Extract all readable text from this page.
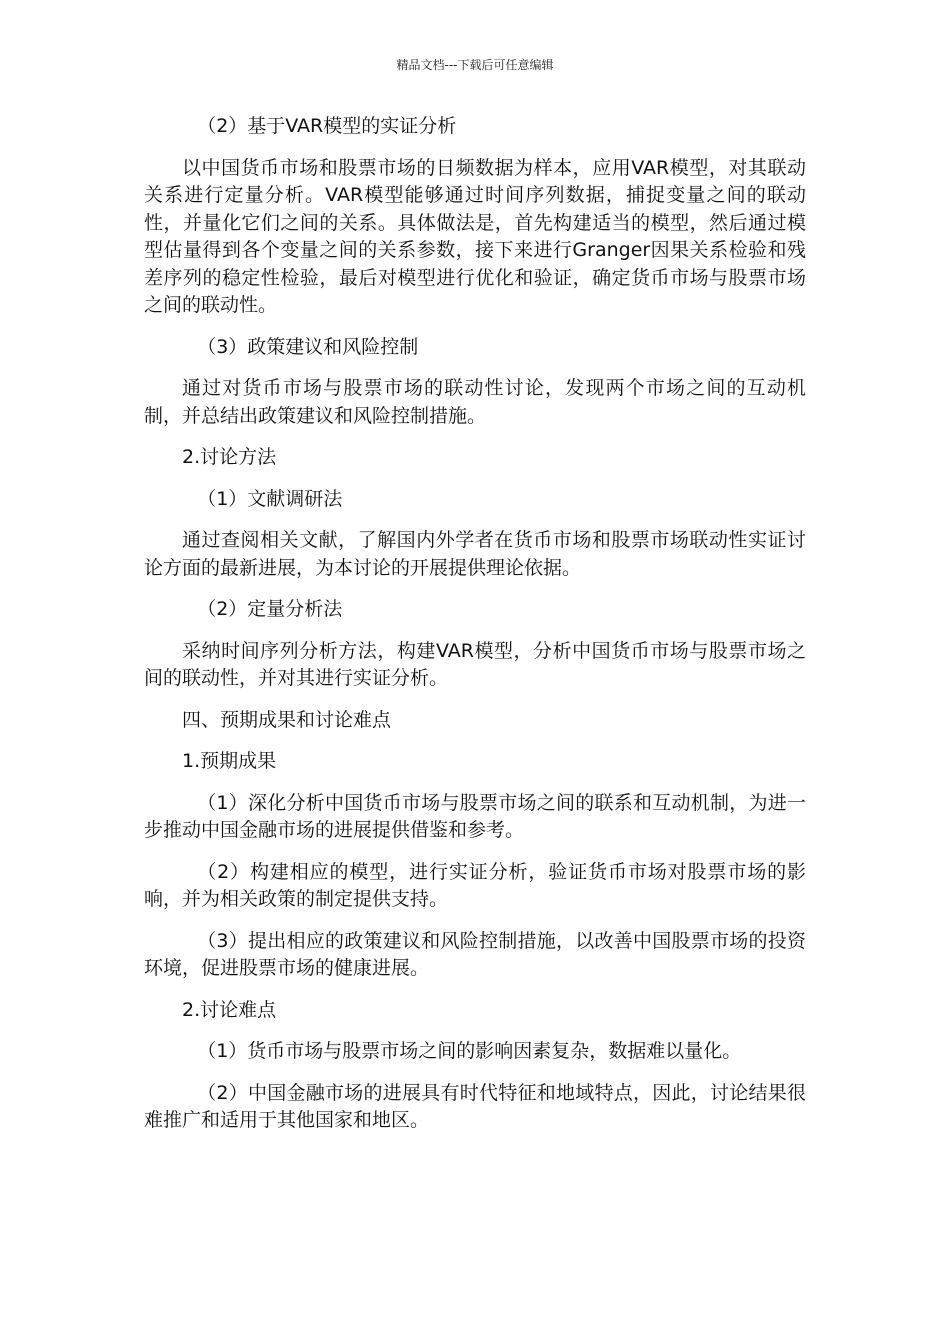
精品文档---下载后可任意编辑

（2）基于VAR模型的实证分析

以中国货币市场和股票市场的日频数据为样本，应用VAR模型，对其联动关系进行定量分析。VAR模型能够通过时间序列数据，捕捉变量之间的联动性，并量化它们之间的关系。具体做法是，首先构建适当的模型，然后通过模型估量得到各个变量之间的关系参数，接下来进行Granger因果关系检验和残差序列的稳定性检验，最后对模型进行优化和验证，确定货币市场与股票市场之间的联动性。

（3）政策建议和风险控制

通过对货币市场与股票市场的联动性讨论，发现两个市场之间的互动机制，并总结出政策建议和风险控制措施。

2.讨论方法

（1）文献调研法

通过查阅相关文献，了解国内外学者在货币市场和股票市场联动性实证讨论方面的最新进展，为本讨论的开展提供理论依据。

（2）定量分析法

采纳时间序列分析方法，构建VAR模型，分析中国货币市场与股票市场之间的联动性，并对其进行实证分析。

四、预期成果和讨论难点

1.预期成果

（1）深化分析中国货币市场与股票市场之间的联系和互动机制，为进一步推动中国金融市场的进展提供借鉴和参考。

（2）构建相应的模型，进行实证分析，验证货币市场对股票市场的影响，并为相关政策的制定提供支持。

（3）提出相应的政策建议和风险控制措施，以改善中国股票市场的投资环境，促进股票市场的健康进展。

2.讨论难点

（1）货币市场与股票市场之间的影响因素复杂，数据难以量化。

（2）中国金融市场的进展具有时代特征和地域特点，因此，讨论结果很难推广和适用于其他国家和地区。
